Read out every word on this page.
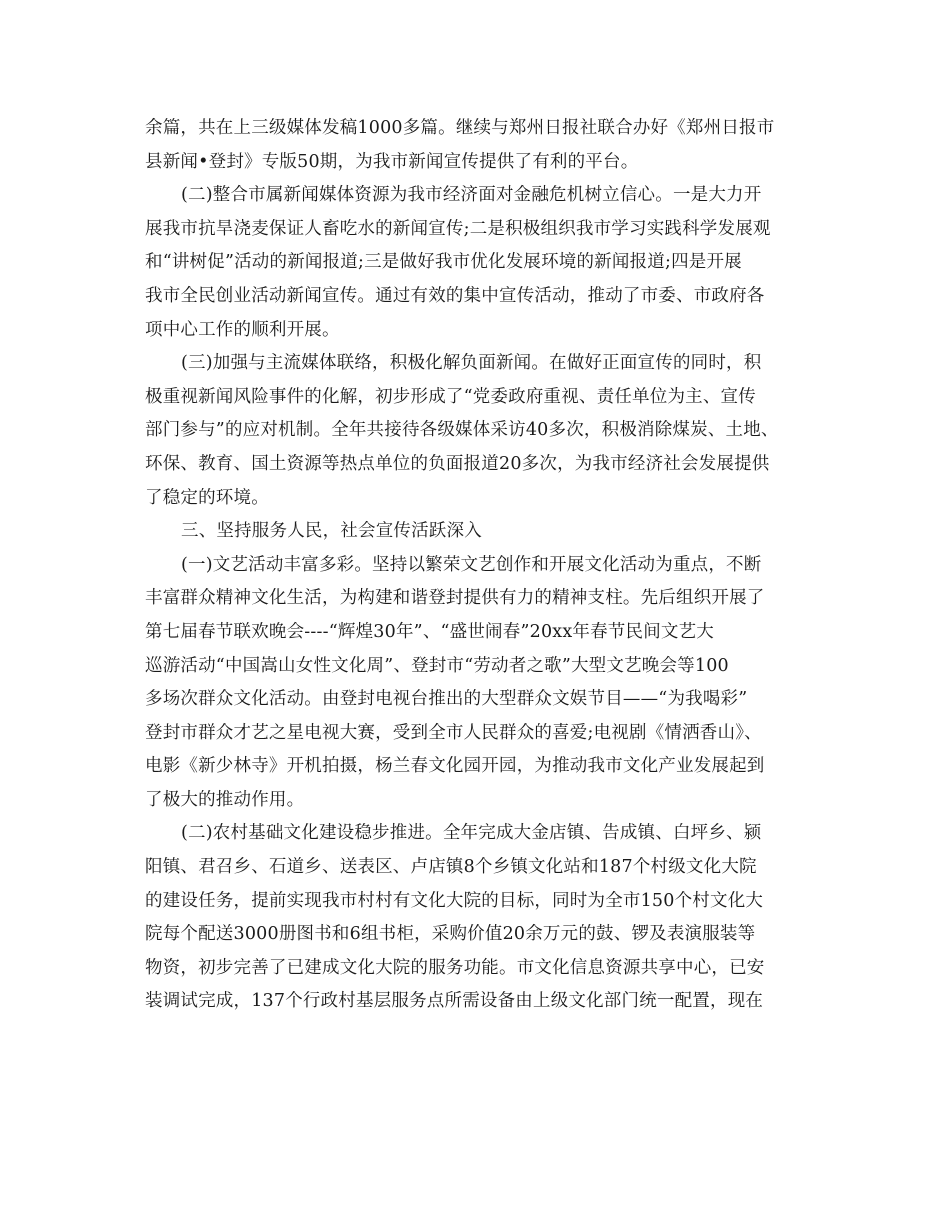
余篇，共在上三级媒体发稿1000多篇。继续与郑州日报社联合办好《郑州日报市
县新闻•登封》专版50期，为我市新闻宣传提供了有利的平台。
(二)整合市属新闻媒体资源为我市经济面对金融危机树立信心。一是大力开
展我市抗旱浇麦保证人畜吃水的新闻宣传;二是积极组织我市学习实践科学发展观
和“讲树促”活动的新闻报道;三是做好我市优化发展环境的新闻报道;四是开展
我市全民创业活动新闻宣传。通过有效的集中宣传活动，推动了市委、市政府各
项中心工作的顺利开展。
(三)加强与主流媒体联络，积极化解负面新闻。在做好正面宣传的同时，积
极重视新闻风险事件的化解，初步形成了“党委政府重视、责任单位为主、宣传
部门参与”的应对机制。全年共接待各级媒体采访40多次，积极消除煤炭、土地、
环保、教育、国土资源等热点单位的负面报道20多次，为我市经济社会发展提供
了稳定的环境。
三、坚持服务人民，社会宣传活跃深入
(一)文艺活动丰富多彩。坚持以繁荣文艺创作和开展文化活动为重点，不断
丰富群众精神文化生活，为构建和谐登封提供有力的精神支柱。先后组织开展了
第七届春节联欢晚会----“辉煌30年”、“盛世闹春”20xx年春节民间文艺大
巡游活动“中国嵩山女性文化周”、登封市“劳动者之歌”大型文艺晚会等100
多场次群众文化活动。由登封电视台推出的大型群众文娱节目——“为我喝彩”
登封市群众才艺之星电视大赛，受到全市人民群众的喜爱;电视剧《情洒香山》、
电影《新少林寺》开机拍摄，杨兰春文化园开园，为推动我市文化产业发展起到
了极大的推动作用。
(二)农村基础文化建设稳步推进。全年完成大金店镇、告成镇、白坪乡、颍
阳镇、君召乡、石道乡、送表区、卢店镇8个乡镇文化站和187个村级文化大院
的建设任务，提前实现我市村村有文化大院的目标，同时为全市150个村文化大
院每个配送3000册图书和6组书柜，采购价值20余万元的鼓、锣及表演服装等
物资，初步完善了已建成文化大院的服务功能。市文化信息资源共享中心，已安
装调试完成，137个行政村基层服务点所需设备由上级文化部门统一配置，现在
